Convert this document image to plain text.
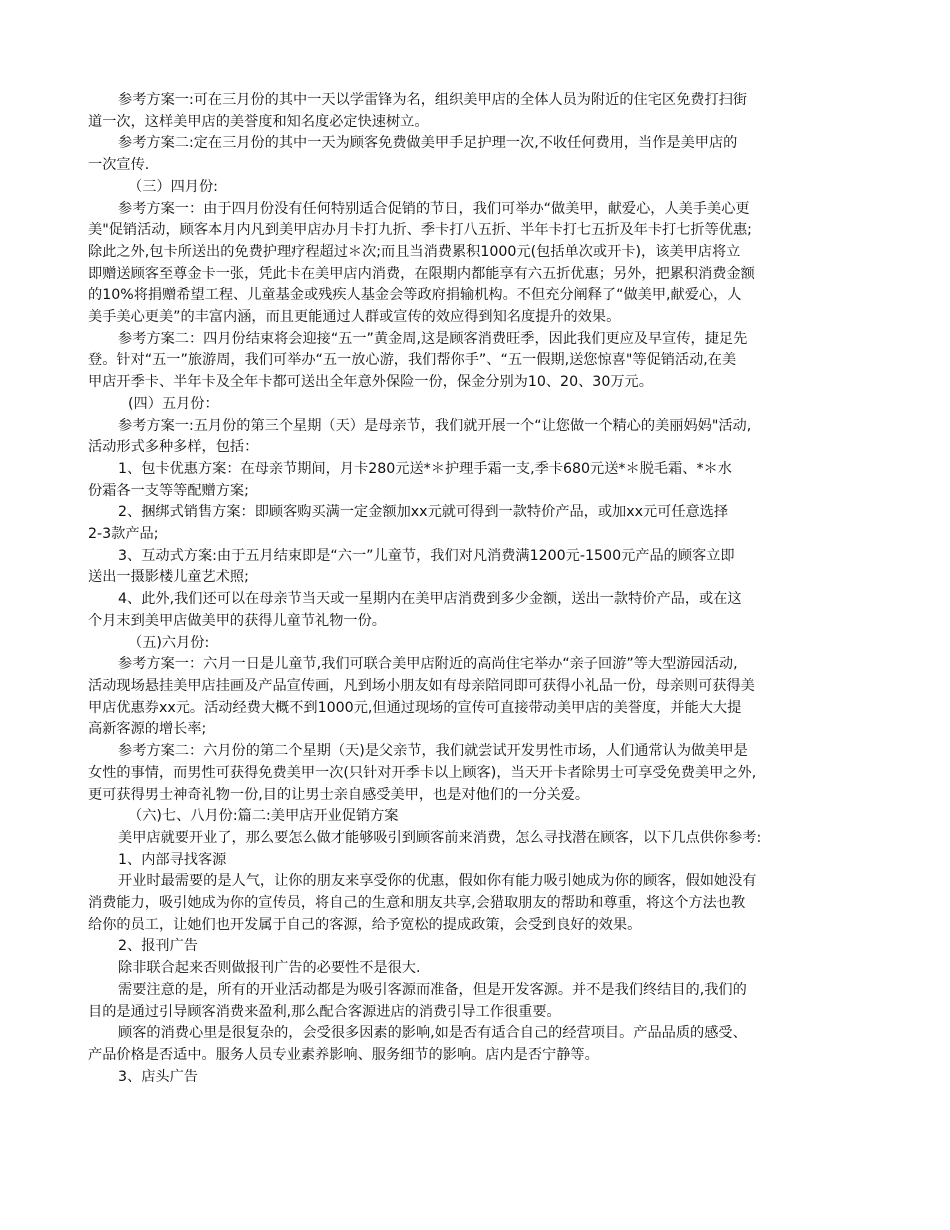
参考方案一:可在三月份的其中一天以学雷锋为名，组织美甲店的全体人员为附近的住宅区免费打扫街
道一次，这样美甲店的美誉度和知名度必定快速树立。
参考方案二:定在三月份的其中一天为顾客免费做美甲手足护理一次,不收任何费用，当作是美甲店的
一次宣传.
（三）四月份:
参考方案一：由于四月份没有任何特别适合促销的节日，我们可举办“做美甲，献爱心，人美手美心更
美"促销活动，顾客本月内凡到美甲店办月卡打九折、季卡打八五折、半年卡打七五折及年卡打七折等优惠;
除此之外,包卡所送出的免费护理疗程超过＊次;而且当消费累积1000元(包括单次或开卡)，该美甲店将立
即赠送顾客至尊金卡一张，凭此卡在美甲店内消费，在限期内都能享有六五折优惠；另外，把累积消费金额
的10%将捐赠希望工程、儿童基金或残疾人基金会等政府捐输机构。不但充分阐释了“做美甲,献爱心，人
美手美心更美”的丰富内涵，而且更能通过人群或宣传的效应得到知名度提升的效果。
参考方案二：四月份结束将会迎接“五一”黄金周,这是顾客消费旺季，因此我们更应及早宣传，捷足先
登。针对“五一”旅游周，我们可举办“五一放心游，我们帮你手”、“五一假期,送您惊喜"等促销活动,在美
甲店开季卡、半年卡及全年卡都可送出全年意外保险一份，保金分别为10、20、30万元。
(四）五月份：
参考方案一:五月份的第三个星期（天）是母亲节，我们就开展一个“让您做一个精心的美丽妈妈"活动,
活动形式多种多样，包括：
1、包卡优惠方案：在母亲节期间，月卡280元送*＊护理手霜一支,季卡680元送*＊脱毛霜、*＊水
份霜各一支等等配赠方案;
2、捆绑式销售方案：即顾客购买满一定金额加xx元就可得到一款特价产品，或加xx元可任意选择
2-3款产品;
3、互动式方案:由于五月结束即是“六一”儿童节，我们对凡消费满1200元-1500元产品的顾客立即
送出一摄影楼儿童艺术照;
4、此外,我们还可以在母亲节当天或一星期内在美甲店消费到多少金额，送出一款特价产品，或在这
个月末到美甲店做美甲的获得儿童节礼物一份。
（五)六月份:
参考方案一：六月一日是儿童节,我们可联合美甲店附近的高尚住宅举办“亲子回游”等大型游园活动,
活动现场悬挂美甲店挂画及产品宣传画，凡到场小朋友如有母亲陪同即可获得小礼品一份，母亲则可获得美
甲店优惠券xx元。活动经费大概不到1000元,但通过现场的宣传可直接带动美甲店的美誉度，并能大大提
高新客源的增长率;
参考方案二：六月份的第二个星期（天)是父亲节，我们就尝试开发男性市场，人们通常认为做美甲是
女性的事情，而男性可获得免费美甲一次(只针对开季卡以上顾客)，当天开卡者除男士可享受免费美甲之外,
更可获得男士神奇礼物一份,目的让男士亲自感受美甲，也是对他们的一分关爱。
（六)七、八月份:篇二:美甲店开业促销方案
美甲店就要开业了，那么要怎么做才能够吸引到顾客前来消费，怎么寻找潜在顾客，以下几点供你参考:
1、内部寻找客源
开业时最需要的是人气，让你的朋友来享受你的优惠，假如你有能力吸引她成为你的顾客，假如她没有
消费能力，吸引她成为你的宣传员，将自己的生意和朋友共享,会猎取朋友的帮助和尊重，将这个方法也教
给你的员工，让她们也开发属于自己的客源，给予宽松的提成政策，会受到良好的效果。
2、报刊广告
除非联合起来否则做报刊广告的必要性不是很大.
需要注意的是，所有的开业活动都是为吸引客源而准备，但是开发客源。并不是我们终结目的,我们的
目的是通过引导顾客消费来盈利,那么配合客源进店的消费引导工作很重要。
顾客的消费心里是很复杂的，会受很多因素的影响,如是否有适合自己的经营项目。产品品质的感受、
产品价格是否适中。服务人员专业素养影响、服务细节的影响。店内是否宁静等。
3、店头广告
